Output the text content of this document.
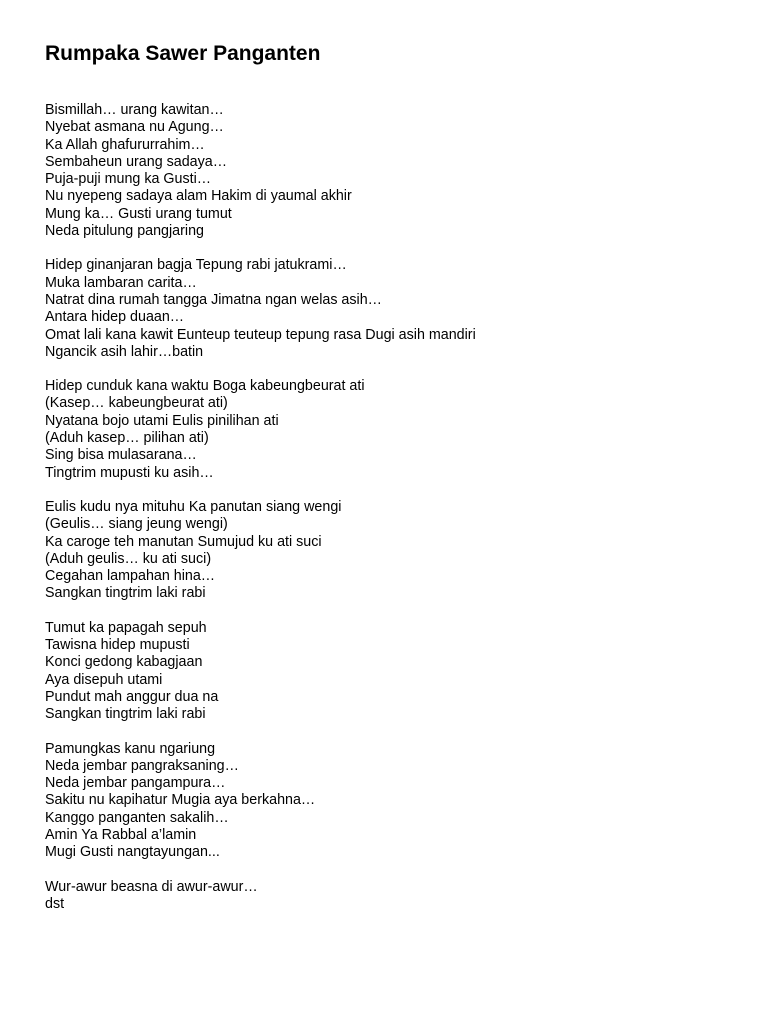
Rumpaka Sawer Panganten
Bismillah… urang kawitan…
Nyebat asmana nu Agung…
Ka Allah ghafururrahim…
Sembaheun urang sadaya…
Puja-puji mung ka Gusti…
Nu nyepeng sadaya alam Hakim di yaumal akhir
Mung ka… Gusti urang tumut
Neda pitulung pangjaring
Hidep ginanjaran bagja Tepung rabi jatukrami…
Muka lambaran carita…
Natrat dina rumah tangga Jimatna ngan welas asih…
Antara hidep duaan…
Omat lali kana kawit Eunteup teuteup tepung rasa Dugi asih mandiri
Ngancik asih lahir…batin
Hidep cunduk kana waktu Boga kabeungbeurat ati
(Kasep… kabeungbeurat ati)
Nyatana bojo utami Eulis pinilihan ati
(Aduh kasep… pilihan ati)
Sing bisa mulasarana…
Tingtrim mupusti ku asih…
Eulis kudu nya mituhu Ka panutan siang wengi
(Geulis… siang jeung wengi)
Ka caroge teh manutan Sumujud ku ati suci
(Aduh geulis… ku ati suci)
Cegahan lampahan hina…
Sangkan tingtrim laki rabi
Tumut ka papagah sepuh
Tawisna hidep mupusti
Konci gedong kabagjaan
Aya disepuh utami
Pundut mah anggur dua na
Sangkan tingtrim laki rabi
Pamungkas kanu ngariung
Neda jembar pangraksaning…
Neda jembar pangampura…
Sakitu nu kapihatur Mugia aya berkahna…
Kanggo panganten sakalih…
Amin Ya Rabbal a’lamin
Mugi Gusti nangtayungan...
Wur-awur beasna di awur-awur…
dst
